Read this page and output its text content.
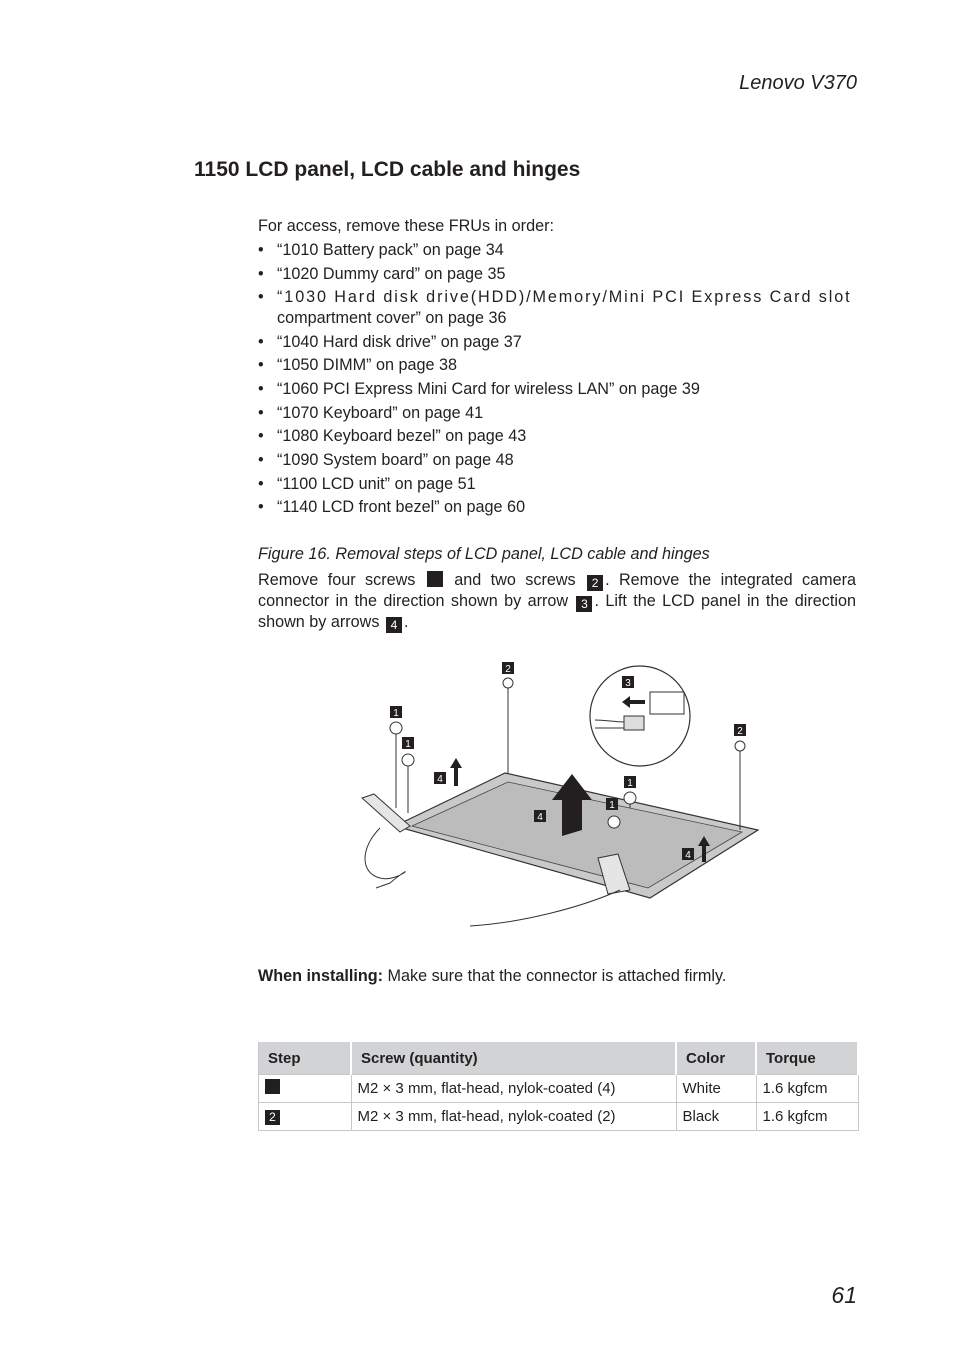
Lenovo V370
1150 LCD panel, LCD cable and hinges
For access, remove these FRUs in order:
• “1010 Battery pack” on page 34
• “1020 Dummy card” on page 35
• “1030 Hard disk drive(HDD)/Memory/Mini PCI Express Card slot
compartment cover” on page 36
• “1040 Hard disk drive” on page 37
• “1050 DIMM” on page 38
• “1060 PCI Express Mini Card for wireless LAN” on page 39
• “1070 Keyboard” on page 41
• “1080 Keyboard bezel” on page 43
• “1090 System board” on page 48
• “1100 LCD unit” on page 51
• “1140 LCD front bezel” on page 60
Figure 16. Removal steps of LCD panel, LCD cable and hinges
Remove four screws and two screws 2 . Remove the integrated camera connector in the direction shown by arrow 3 . Lift the LCD panel in the direction shown by arrows 4 .
2
3
2
1
1
1
1
4
4
4
When installing: Make sure that the connector is attached firmly.
Step	Screw (quantity)	Color	Torque
	M2 × 3 mm, flat-head, nylok-coated (4)	White	1.6 kgfcm
2	M2 × 3 mm, flat-head, nylok-coated (2)	Black	1.6 kgfcm
61
